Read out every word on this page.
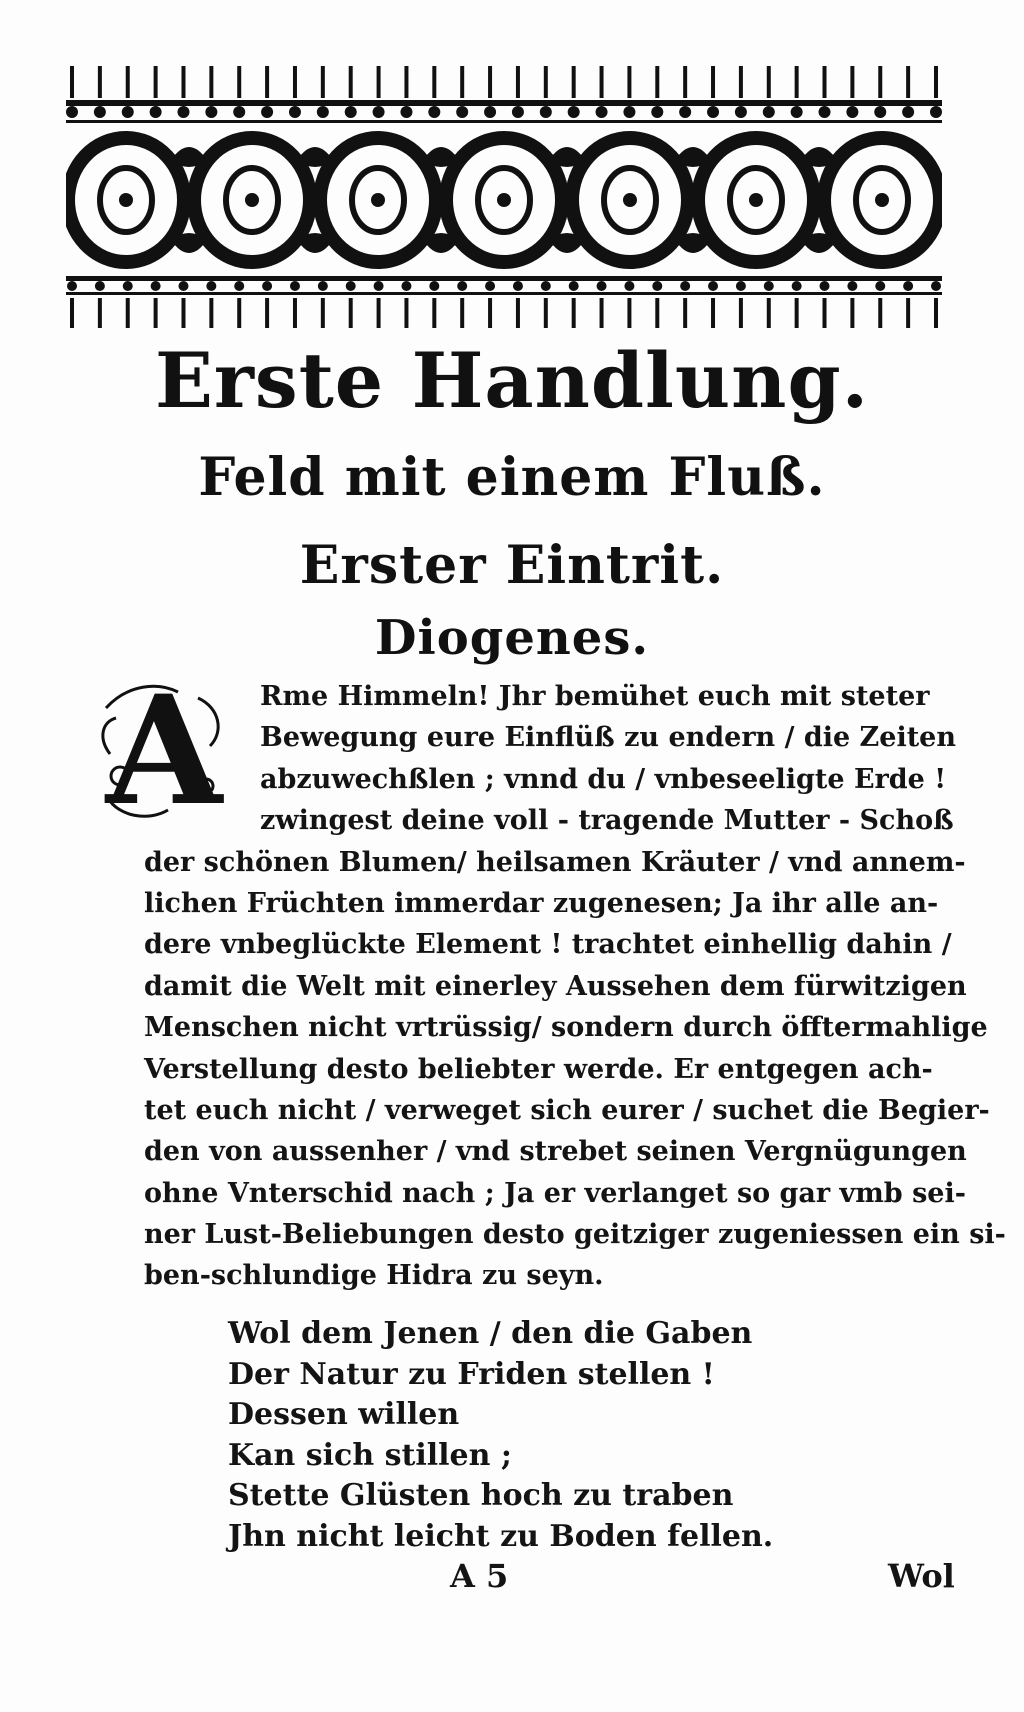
Erste Handlung.
Feld mit einem Fluß.
Erster Eintrit.
Diogenes.
A	Rme Himmeln! Jhr bemühet euch mit steter
Bewegung eure Einflüß zu endern / die Zeiten
abzuwechßlen ; vnnd du / vnbeseeligte Erde !
zwingest deine voll - tragende Mutter - Schoß
der schönen Blumen/ heilsamen Kräuter / vnd annem-
lichen Früchten immerdar zugenesen; Ja ihr alle an-
dere vnbeglückte Element ! trachtet einhellig dahin /
damit die Welt mit einerley Aussehen dem fürwitzigen
Menschen nicht vrtrüssig/ sondern durch öfftermahlige
Verstellung desto beliebter werde. Er entgegen ach-
tet euch nicht / verweget sich eurer / suchet die Begier-
den von aussenher / vnd strebet seinen Vergnügungen
ohne Vnterschid nach ; Ja er verlanget so gar vmb sei-
ner Lust-Beliebungen desto geitziger zugeniessen ein si-
ben-schlundige Hidra zu seyn.
Wol dem Jenen / den die Gaben
Der Natur zu Friden stellen !
Dessen willen
Kan sich stillen ;
Stette Glüsten hoch zu traben
Jhn nicht leicht zu Boden fellen.
A 5	Wol
